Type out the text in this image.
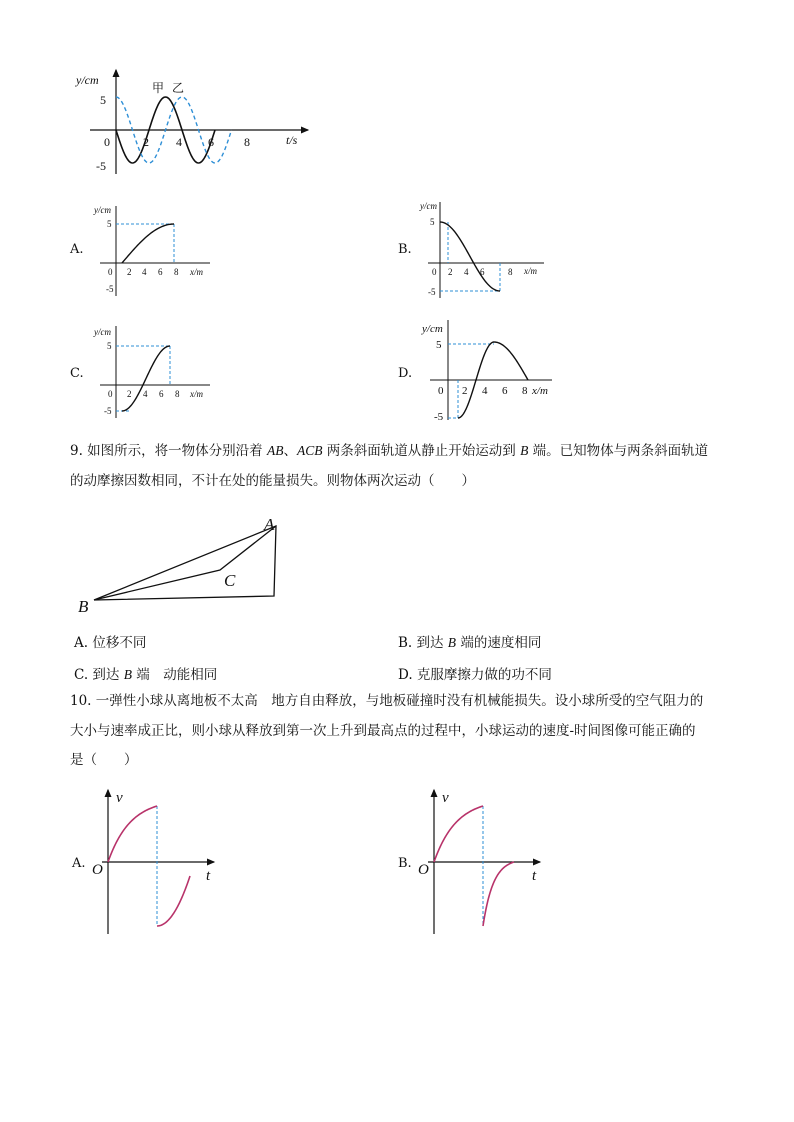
y/cm
t/s
5
-5
0	2 4 6	8
甲 乙
A.
y/cm
x/m
5
-5
0 2 4 6 8
B.
y/cm
x/m
5
-5
0 2 4 6	8
C.
y/cm
x/m
5
-5
0 2 4 6 8
D.
y/cm
x/m
5
-5
0 2 4 6 8
9. 如图所示，将一物体分别沿着 AB、ACB 两条斜面轨道从静止开始运动到 B 端。已知物体与两条斜面轨道
的动摩擦因数相同，不计在处的能量损失。则物体两次运动（　　）
A
B
C
A. 位移不同	B. 到达 B 端的速度相同
C. 到达 B 端　动能相同	D. 克服摩擦力做的功不同
10. 一弹性小球从离地板不太高　地方自由释放，与地板碰撞时没有机械能损失。设小球所受的空气阻力的
大小与速率成正比，则小球从释放到第一次上升到最高点的过程中，小球运动的速度-时间图像可能正确的
是（　　）
A.
v
t
O	B.
v
t
O
